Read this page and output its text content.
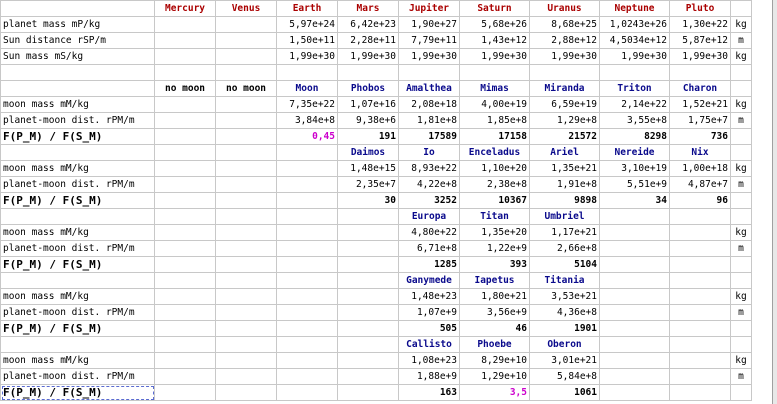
	Mercury	Venus	Earth	Mars	Jupiter	Saturn	Uranus	Neptune	Pluto	
planet mass mP/kg			5,97e+24	6,42e+23	1,90e+27	5,68e+26	8,68e+25	1,0243e+26	1,30e+22	kg
Sun distance rSP/m			1,50e+11	2,28e+11	7,79e+11	1,43e+12	2,88e+12	4,5034e+12	5,87e+12	m
Sun mass mS/kg			1,99e+30	1,99e+30	1,99e+30	1,99e+30	1,99e+30	1,99e+30	1,99e+30	kg

	no moon	no moon	Moon	Phobos	Amalthea	Mimas	Miranda	Triton	Charon	
moon mass mM/kg			7,35e+22	1,07e+16	2,08e+18	4,00e+19	6,59e+19	2,14e+22	1,52e+21	kg
planet-moon dist. rPM/m			3,84e+8	9,38e+6	1,81e+8	1,85e+8	1,29e+8	3,55e+8	1,75e+7	m
F(P_M) / F(S_M)			0,45	191	17589	17158	21572	8298	736	
				Daimos	Io	Enceladus	Ariel	Nereide	Nix	
moon mass mM/kg				1,48e+15	8,93e+22	1,10e+20	1,35e+21	3,10e+19	1,00e+18	kg
planet-moon dist. rPM/m				2,35e+7	4,22e+8	2,38e+8	1,91e+8	5,51e+9	4,87e+7	m
F(P_M) / F(S_M)				30	3252	10367	9898	34	96	
					Europa	Titan	Umbriel			
moon mass mM/kg					4,80e+22	1,35e+20	1,17e+21			kg
planet-moon dist. rPM/m					6,71e+8	1,22e+9	2,66e+8			m
F(P_M) / F(S_M)					1285	393	5104			
					Ganymede	Iapetus	Titania			
moon mass mM/kg					1,48e+23	1,80e+21	3,53e+21			kg
planet-moon dist. rPM/m					1,07e+9	3,56e+9	4,36e+8			m
F(P_M) / F(S_M)					505	46	1901			
					Callisto	Phoebe	Oberon			
moon mass mM/kg					1,08e+23	8,29e+10	3,01e+21			kg
planet-moon dist. rPM/m					1,88e+9	1,29e+10	5,84e+8			m
F(P_M) / F(S_M)					163	3,5	1061			
